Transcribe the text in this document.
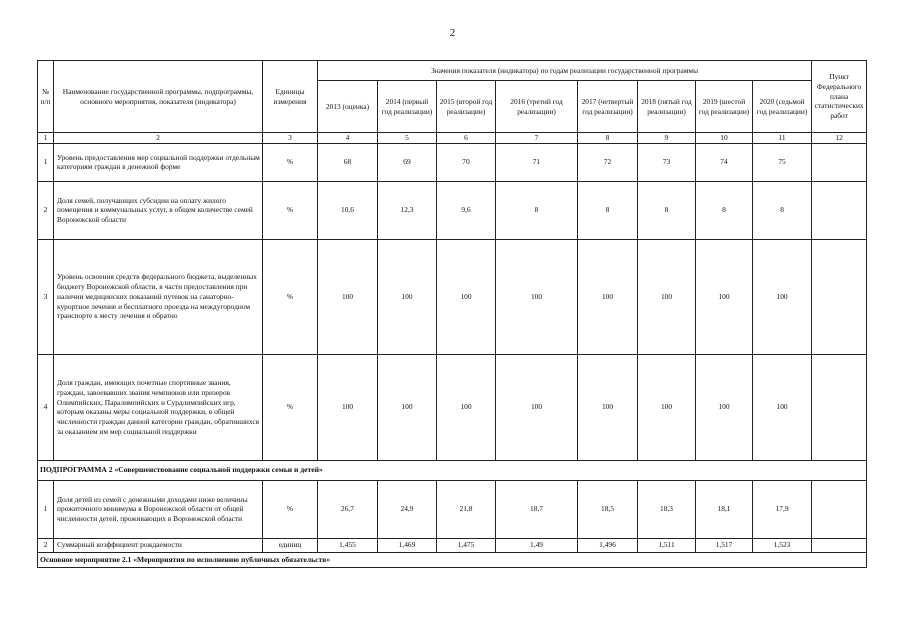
2
№ п/п	Наименование государственной программы, подпрограммы, основного мероприятия, показателя (индикатора)	Единицы измерения	Значения показателя (индикатора) по годам реализации государственной программы								Пункт Федерального плана статистических работ
			2013 (оценка)	2014 (первый год реализации)	2015 (второй год реализации)	2016 (третий год реализации)	2017 (четвертый год реализации)	2018 (пятый год реализации)	2019 (шестой год реализации)	2020 (седьмой год реализации)	
1	2	3	4	5	6	7	8	9	10	11	12
1	Уровень предоставления мер социальной поддержки отдельным категориям граждан в денежной форме	%	68	69	70	71	72	73	74	75	
2	Доля семей, получающих субсидии на оплату жилого помещения и коммунальных услуг, в общем количестве семей Воронежской области	%	10,6	12,3	9,6	8	8	8	8	8	
3	Уровень освоения средств федерального бюджета, выделенных бюджету Воронежской области, в части предоставления при наличии медицинских показаний путевок на санаторно-курортное лечение и бесплатного проезда на междугородном транспорте к месту лечения и обратно	%	100	100	100	100	100	100	100	100	
4	Доля граждан, имеющих почетные спортивные звания, граждан, завоевавших звания чемпионов или призеров Олимпийских, Паралимпийских и Сурдлимпийских игр, которым оказаны меры социальной поддержки, в общей численности граждан данной категории граждан, обратившихся за оказанием им мер социальной поддержки	%	100	100	100	100	100	100	100	100	
ПОДПРОГРАММА 2 «Совершенствование социальной поддержки семьи и детей»											
1	Доля детей из семей с денежными доходами ниже величины прожиточного минимума в Воронежской области от общей численности детей, проживающих в Воронежской области	%	26,7	24,9	21,8	18,7	18,5	18,3	18,1	17,9	
2	Суммарный коэффициент рождаемости	единиц	1,455	1,469	1,475	1,49	1,496	1,511	1,517	1,523	
Основное мероприятие 2.1 «Мероприятия по исполнению публичных обязательств»											
